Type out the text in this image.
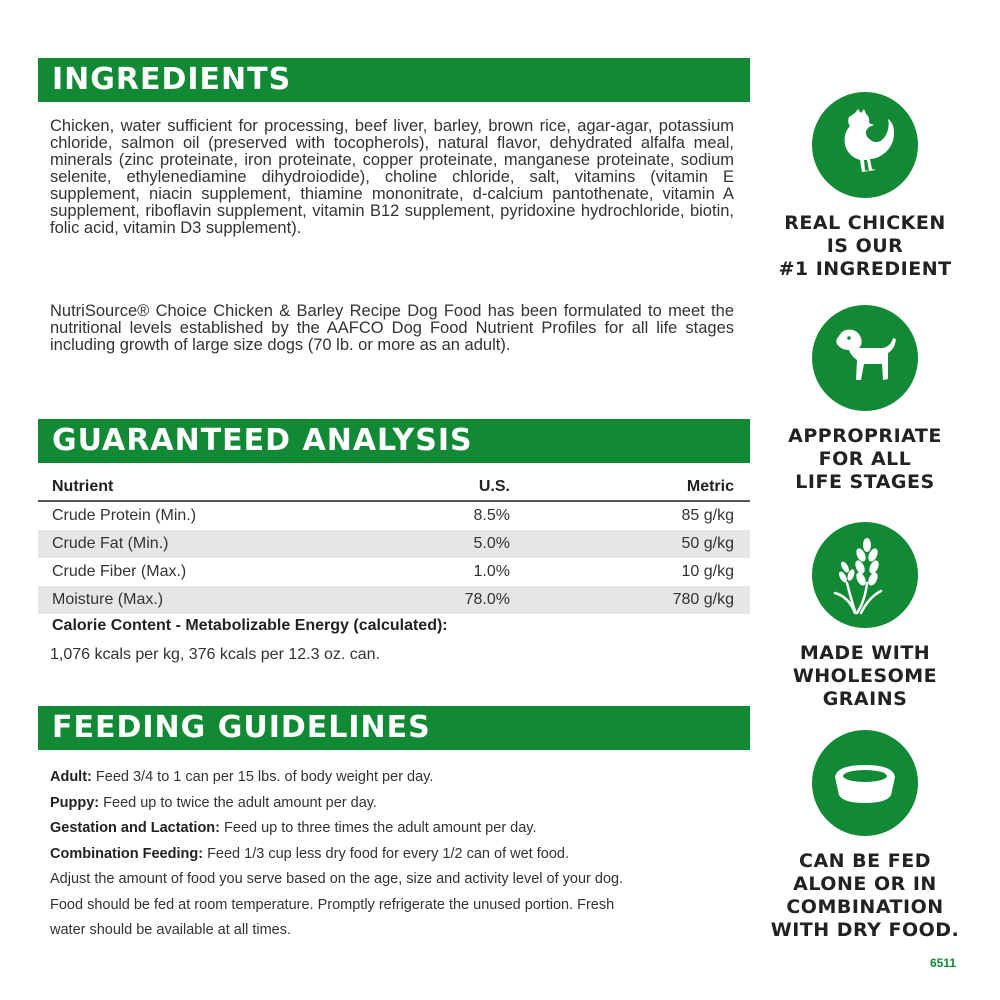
INGREDIENTS
Chicken, water sufficient for processing, beef liver, barley, brown rice, agar-agar, potassium chloride, salmon oil (preserved with tocopherols), natural flavor, dehydrated alfalfa meal, minerals (zinc proteinate, iron proteinate, copper proteinate, manganese proteinate, sodium selenite, ethylenediamine dihydroiodide), choline chloride, salt, vitamins (vitamin E supplement, niacin supplement, thiamine mononitrate, d-calcium pantothenate, vitamin A supplement, riboflavin supplement, vitamin B12 supplement, pyridoxine hydrochloride, biotin, folic acid, vitamin D3 supplement).
NutriSource® Choice Chicken & Barley Recipe Dog Food has been formulated to meet the nutritional levels established by the AAFCO Dog Food Nutrient Profiles for all life stages including growth of large size dogs (70 lb. or more as an adult).
GUARANTEED ANALYSIS
Nutrient	U.S.	Metric
Crude Protein (Min.)	8.5%	85 g/kg
Crude Fat (Min.)	5.0%	50 g/kg
Crude Fiber (Max.)	1.0%	10 g/kg
Moisture (Max.)	78.0%	780 g/kg
Calorie Content - Metabolizable Energy (calculated):
1,076 kcals per kg, 376 kcals per 12.3 oz. can.
FEEDING GUIDELINES
Adult: Feed 3/4 to 1 can per 15 lbs. of body weight per day.
Puppy: Feed up to twice the adult amount per day.
Gestation and Lactation: Feed up to three times the adult amount per day.
Combination Feeding: Feed 1/3 cup less dry food for every 1/2 can of wet food.
Adjust the amount of food you serve based on the age, size and activity level of your dog.
Food should be fed at room temperature. Promptly refrigerate the unused portion. Fresh
water should be available at all times.
REAL CHICKEN
IS OUR
#1 INGREDIENT
APPROPRIATE
FOR ALL
LIFE STAGES
MADE WITH
WHOLESOME
GRAINS
CAN BE FED
ALONE OR IN
COMBINATION
WITH DRY FOOD.
6511
